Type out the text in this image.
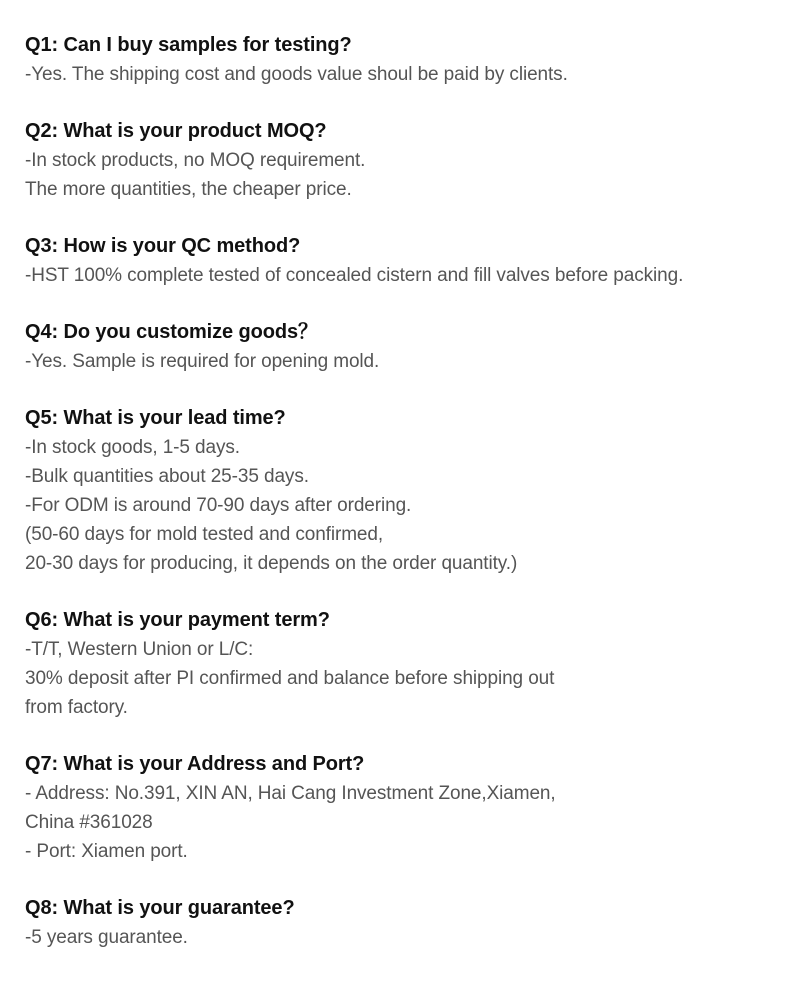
Q1: Can I buy samples for testing?
-Yes. The shipping cost and goods value shoul be paid by clients.
Q2: What is your product MOQ?
-In stock products, no MOQ requirement.
The more quantities, the cheaper price.
Q3: How is your QC method?
-HST 100% complete tested of concealed cistern and fill valves before packing.
Q4: Do you customize goods？
-Yes. Sample is required for opening mold.
Q5: What is your lead time?
-In stock goods, 1-5 days.
-Bulk quantities about 25-35 days.
-For ODM is around 70-90 days after ordering.
(50-60 days for mold tested and confirmed,
20-30 days for producing, it depends on the order quantity.)
Q6: What is your payment term?
-T/T, Western Union or L/C:
30% deposit after PI confirmed and balance before shipping out
from factory.
Q7: What is your Address and Port?
- Address: No.391, XIN AN, Hai Cang Investment Zone,Xiamen,
China #361028
- Port: Xiamen port.
Q8: What is your guarantee?
-5 years guarantee.
